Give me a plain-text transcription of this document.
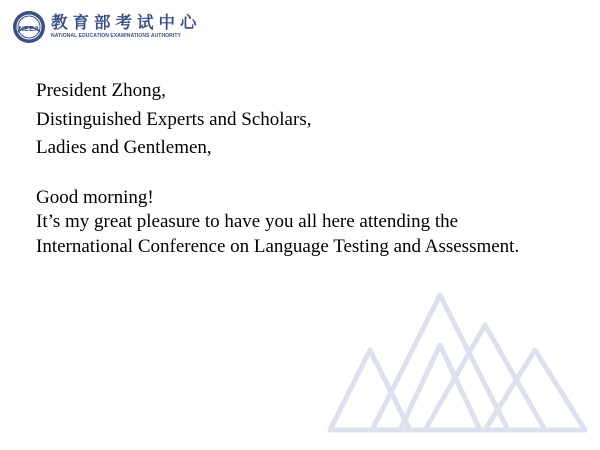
NEEA 教育部考试中心
NATIONAL EDUCATION EXAMINATIONS AUTHORITY
President Zhong,
Distinguished Experts and Scholars,
Ladies and Gentlemen,
Good morning!
It’s my great pleasure to have you all here attending the
International Conference on Language Testing and Assessment.
